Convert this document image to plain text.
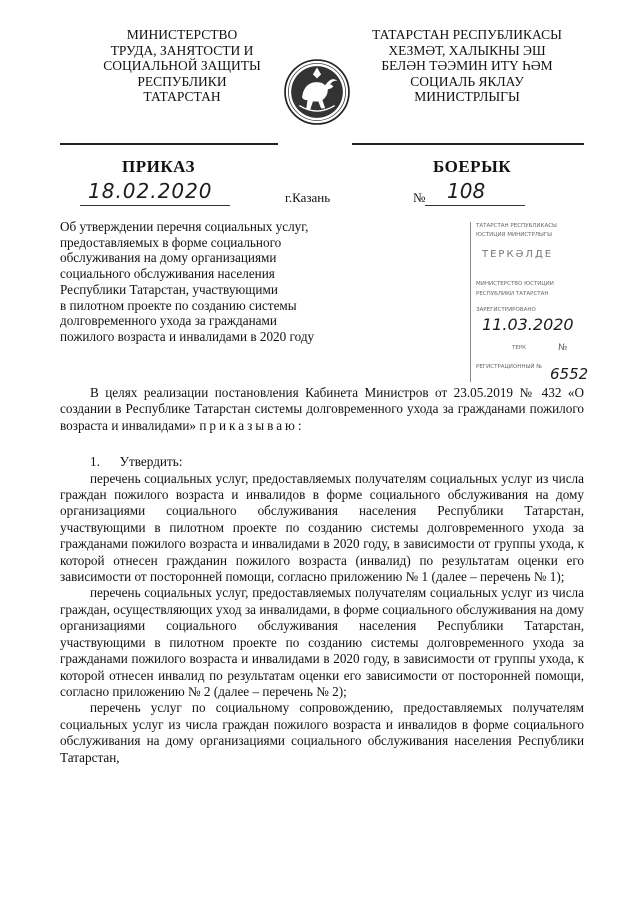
МИНИСТЕРСТВО
ТРУДА, ЗАНЯТОСТИ И
СОЦИАЛЬНОЙ ЗАЩИТЫ
РЕСПУБЛИКИ
ТАТАРСТАН
ТАТАРСТАН РЕСПУБЛИКАСЫ
ХЕЗМӘТ, ХАЛЫКНЫ ЭШ
БЕЛӘН ТӘЭМИН ИТҮ ҺӘМ
СОЦИАЛЬ ЯКЛАУ
МИНИСТРЛЫГЫ
ПРИКАЗ	БОЕРЫК
18.02.2020	г.Казань	№ 108
Об утверждении перечня социальных услуг,
предоставляемых в форме социального
обслуживания на дому организациями
социального обслуживания населения
Республики Татарстан, участвующими
в пилотном проекте по созданию системы
долговременного ухода за гражданами
пожилого возраста и инвалидами в 2020 году
ТАТАРСТАН РЕСПУБЛИКАСЫ
ЮСТИЦИЯ МИНИСТРЛЫГЫ
ТЕРКӘЛДЕ
МИНИСТЕРСТВО ЮСТИЦИИ
РЕСПУБЛИКИ ТАТАРСТАН
ЗАРЕГИСТРИРОВАНО
11.03.2020
ТЕРК	№
РЕГИСТРАЦИОННЫЙ № 6552

В целях реализации постановления Кабинета Министров от 23.05.2019 № 432 «О создании в Республике Татарстан системы долговременного ухода за гражданами пожилого возраста и инвалидами» приказываю:

1.      Утвердить:

перечень социальных услуг, предоставляемых получателям социальных услуг из числа граждан пожилого возраста и инвалидов в форме социального обслуживания на дому организациями социального обслуживания населения Республики Татарстан, участвующими в пилотном проекте по созданию системы долговременного ухода за гражданами пожилого возраста и инвалидами в 2020 году, в зависимости от группы ухода, к которой отнесен гражданин пожилого возраста (инвалид) по результатам оценки его зависимости от посторонней помощи, согласно приложению № 1 (далее – перечень № 1);

перечень социальных услуг, предоставляемых получателям социальных услуг из числа граждан, осуществляющих уход за инвалидами, в форме социального обслуживания на дому организациями социального обслуживания населения Республики Татарстан, участвующими в пилотном проекте по созданию системы долговременного ухода за гражданами пожилого возраста и инвалидами в 2020 году, в зависимости от группы ухода, к которой отнесен инвалид по результатам оценки его зависимости от посторонней помощи, согласно приложению № 2 (далее – перечень № 2);

перечень услуг по социальному сопровождению, предоставляемых получателям социальных услуг из числа граждан пожилого возраста и инвалидов в форме социального обслуживания на дому организациями социального обслуживания населения Республики Татарстан,
